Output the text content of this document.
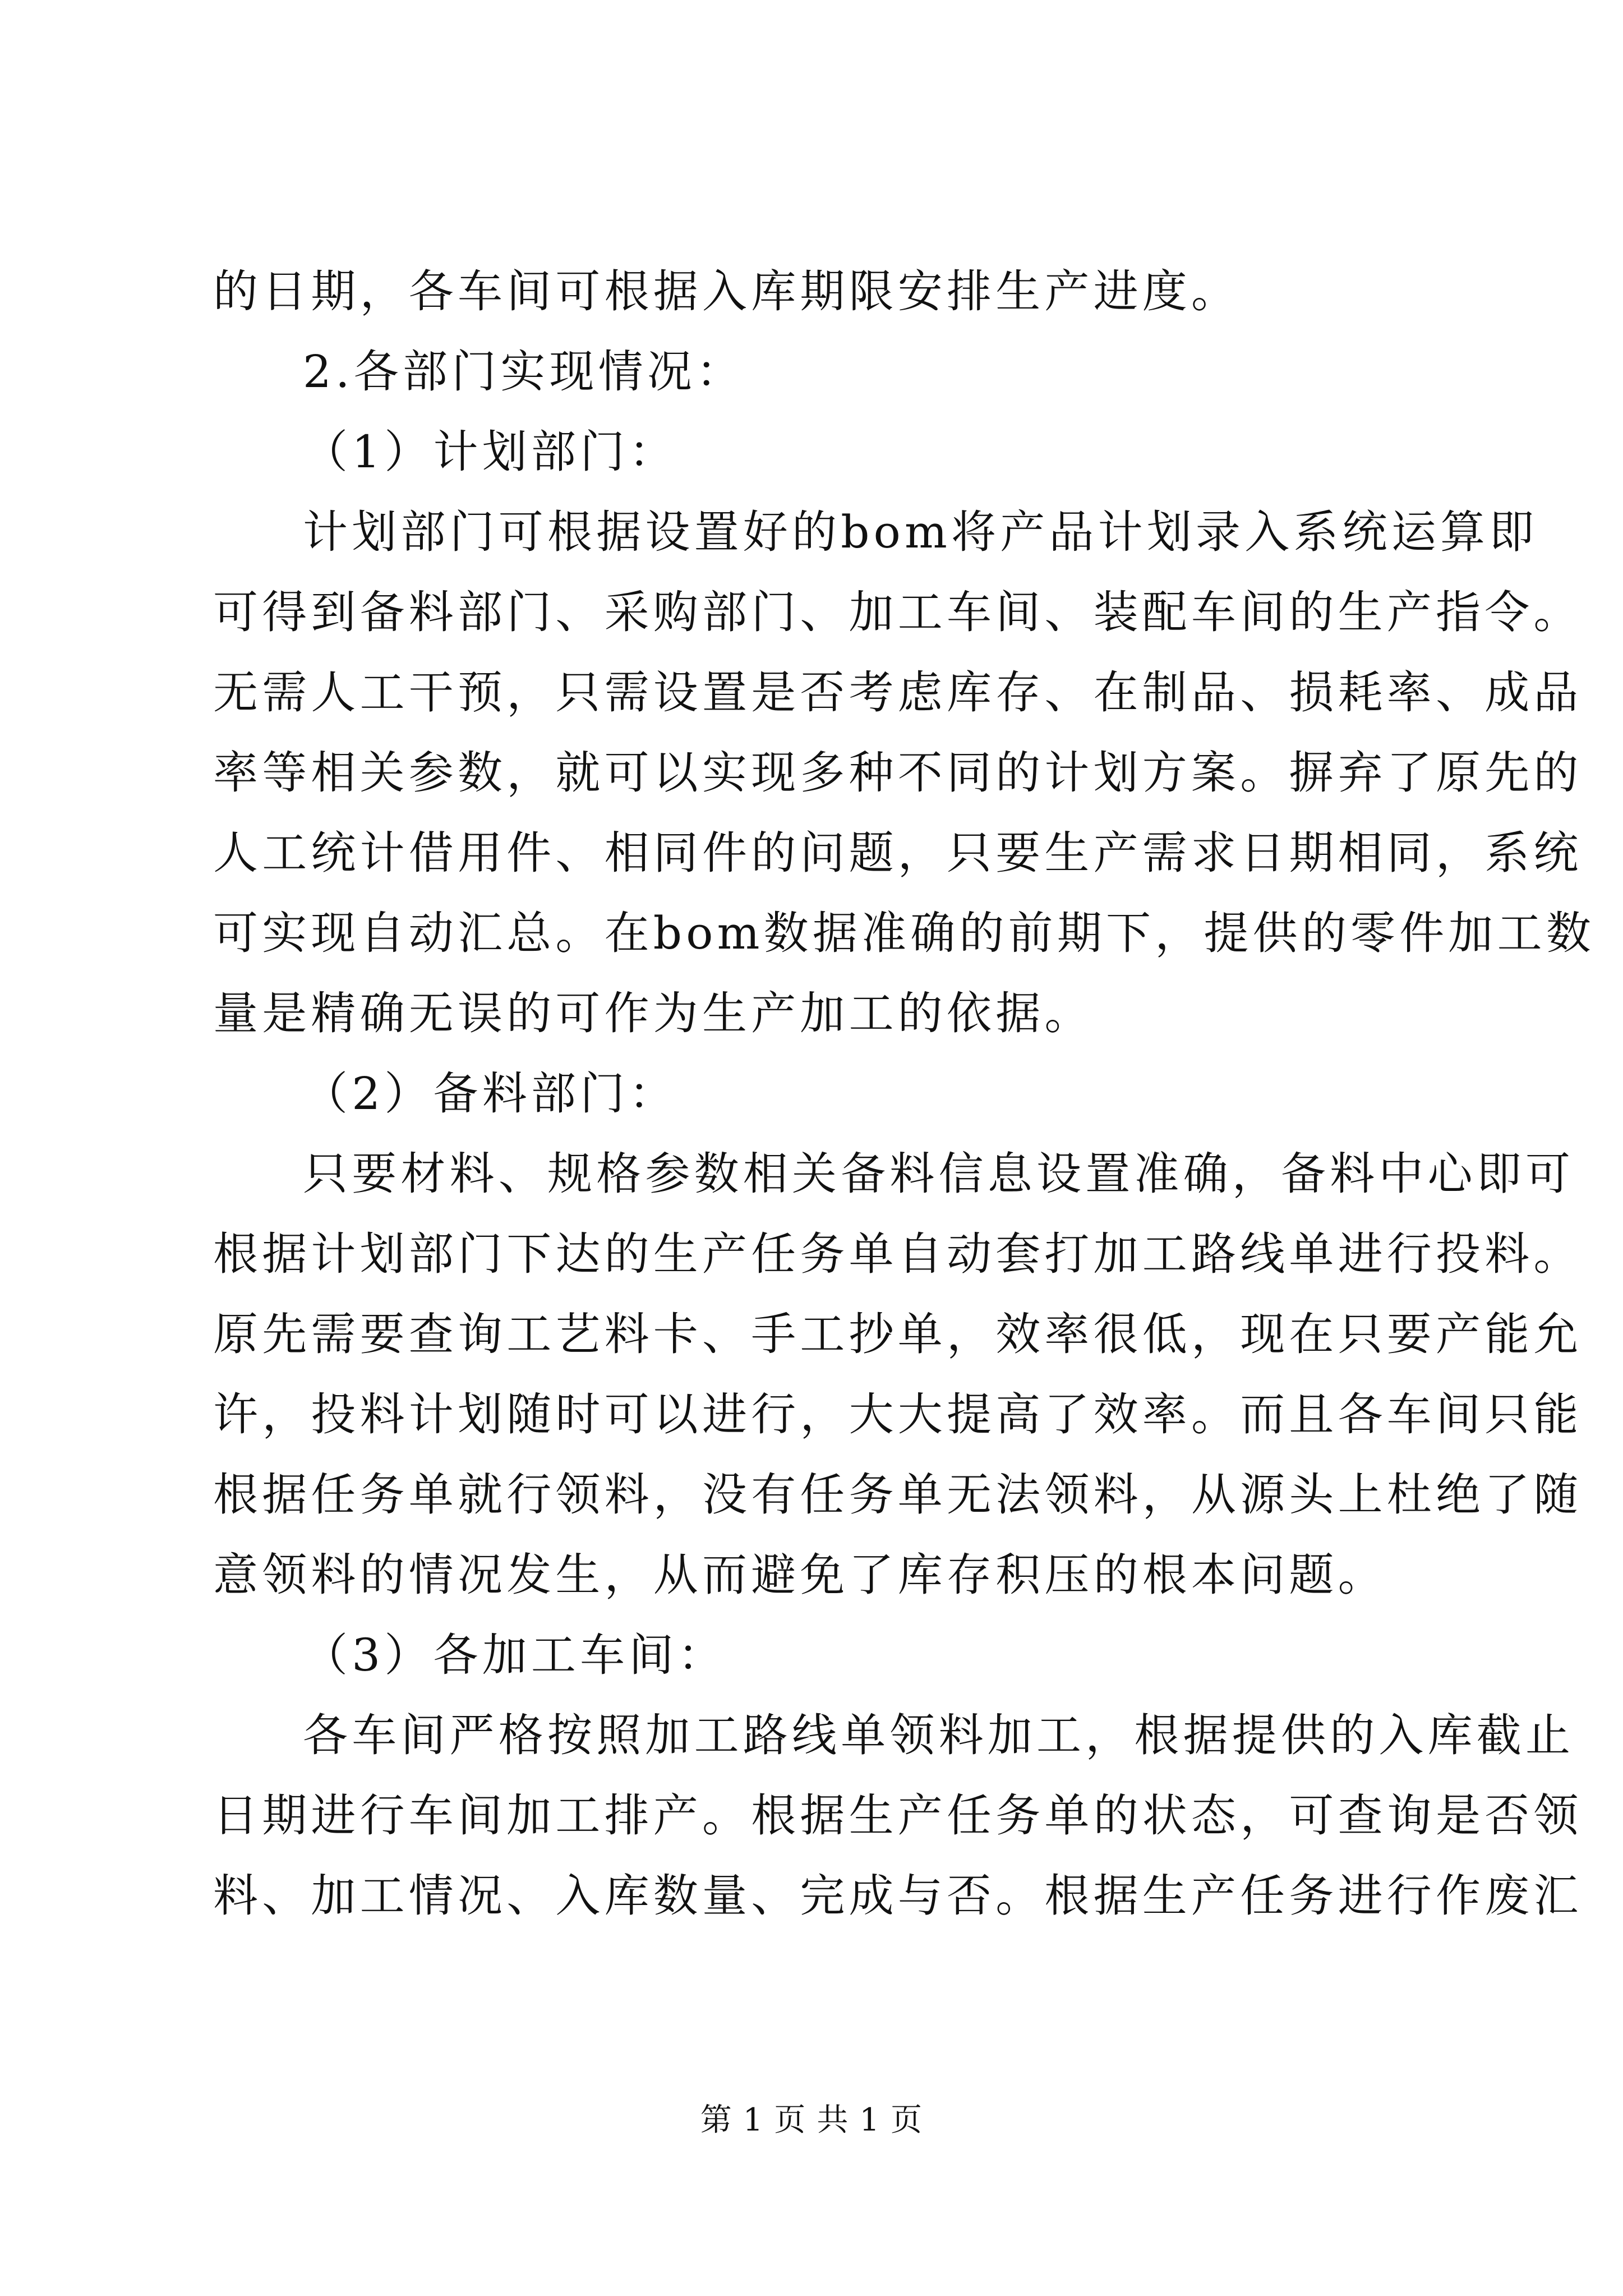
的日期，各车间可根据入库期限安排生产进度。
2.各部门实现情况：
（1）计划部门：
计划部门可根据设置好的bom将产品计划录入系统运算即
可得到备料部门、采购部门、加工车间、装配车间的生产指令。
无需人工干预，只需设置是否考虑库存、在制品、损耗率、成品
率等相关参数，就可以实现多种不同的计划方案。摒弃了原先的
人工统计借用件、相同件的问题，只要生产需求日期相同，系统
可实现自动汇总。在bom数据准确的前期下，提供的零件加工数
量是精确无误的可作为生产加工的依据。
（2）备料部门：
只要材料、规格参数相关备料信息设置准确，备料中心即可
根据计划部门下达的生产任务单自动套打加工路线单进行投料。
原先需要查询工艺料卡、手工抄单，效率很低，现在只要产能允
许，投料计划随时可以进行，大大提高了效率。而且各车间只能
根据任务单就行领料，没有任务单无法领料，从源头上杜绝了随
意领料的情况发生，从而避免了库存积压的根本问题。
（3）各加工车间：
各车间严格按照加工路线单领料加工，根据提供的入库截止
日期进行车间加工排产。根据生产任务单的状态，可查询是否领
料、加工情况、入库数量、完成与否。根据生产任务进行作废汇
第 1 页 共 1 页
